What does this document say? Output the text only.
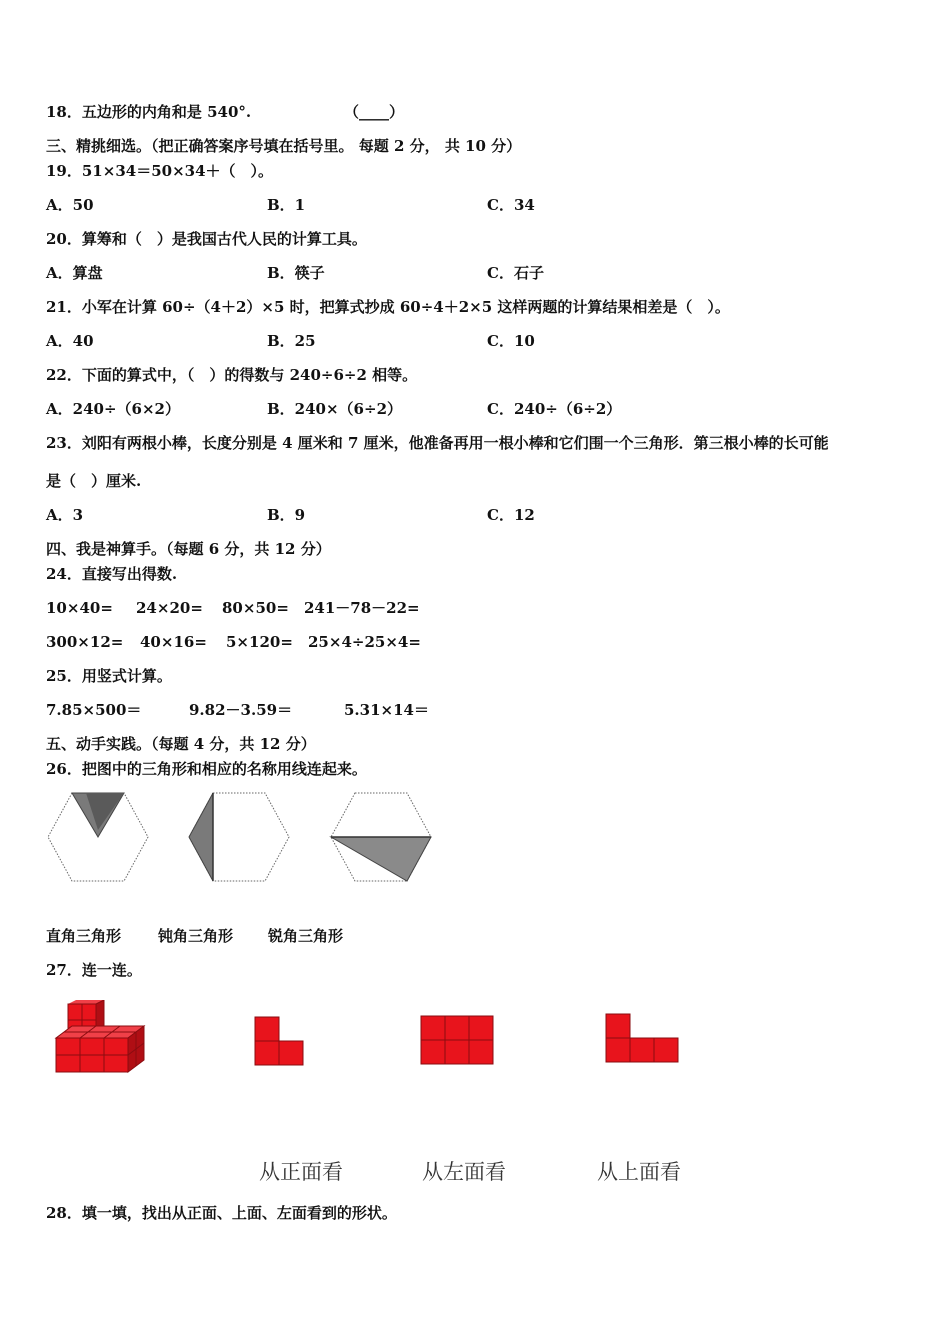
18．五边形的内角和是 540°.	（____）
三、精挑细选。（把正确答案序号填在括号里。 每题 2 分， 共 10 分）
19．51×34＝50×34＋（　）。
A．50	B．1	C．34
20．算筹和（　）是我国古代人民的计算工具。
A．算盘	B．筷子	C．石子
21．小军在计算 60÷（4＋2）×5 时，把算式抄成 60÷4＋2×5 这样两题的计算结果相差是（　）。
A．40	B．25	C．10
22．下面的算式中，（　）的得数与 240÷6÷2 相等。
A．240÷（6×2）	B．240×（6÷2）	C．240÷（6÷2）
23．刘阳有两根小棒，长度分别是 4 厘米和 7 厘米，他准备再用一根小棒和它们围一个三角形．第三根小棒的长可能
是（　）厘米.
A．3	B．9	C．12
四、我是神算手。（每题 6 分，共 12 分）
24．直接写出得数.
10×40= 24×20= 80×50= 241－78－22=
300×12= 40×16= 5×120= 25×4÷25×4=
25．用竖式计算。
7.85×500＝	9.82－3.59＝	5.31×14＝
五、动手实践。（每题 4 分，共 12 分）
26．把图中的三角形和相应的名称用线连起来。
直角三角形 钝角三角形 锐角三角形
27．连一连。
从正面看	从左面看	从上面看
28．填一填，找出从正面、上面、左面看到的形状。
